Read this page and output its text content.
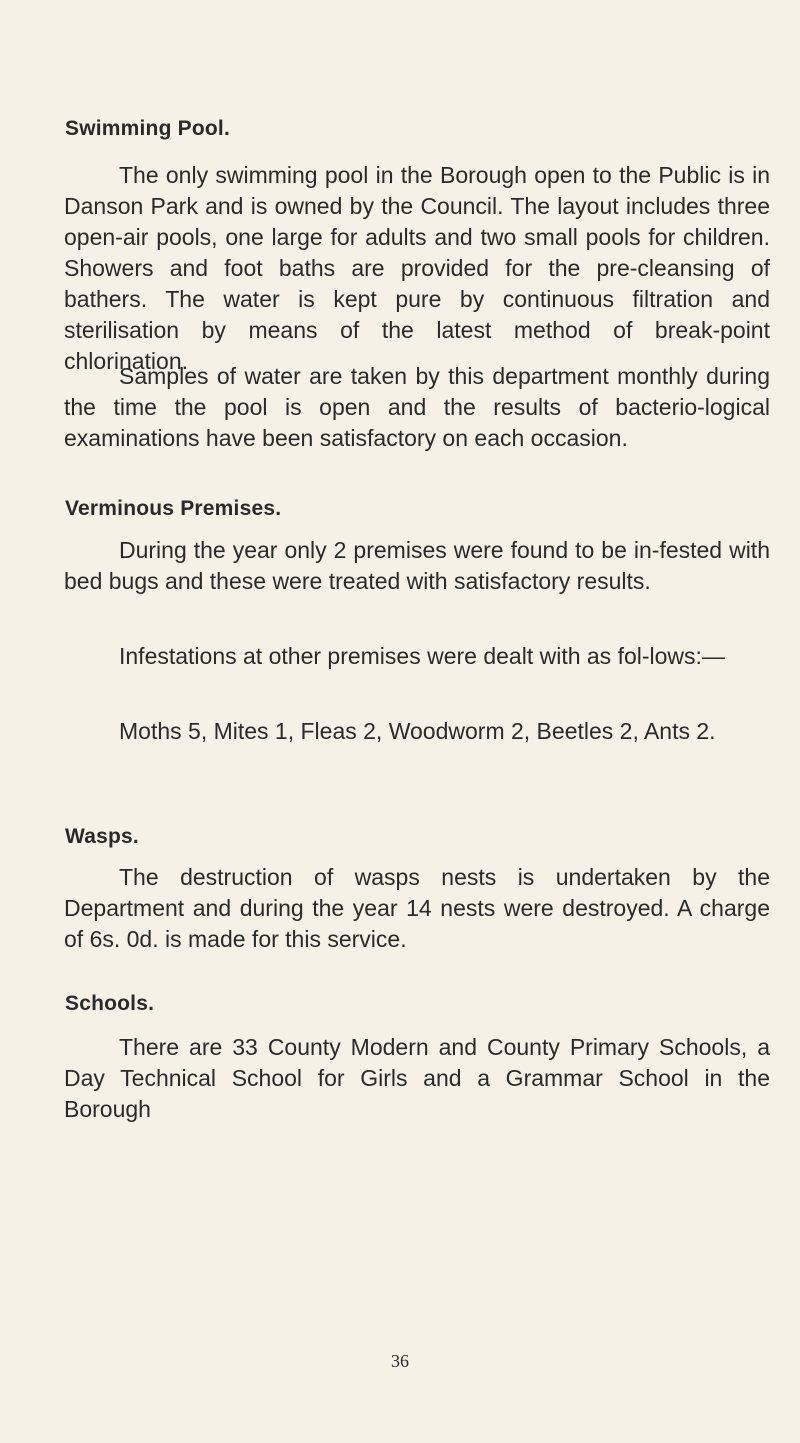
Swimming Pool.
The only swimming pool in the Borough open to the Public is in Danson Park and is owned by the Council. The layout includes three open-air pools, one large for adults and two small pools for children. Showers and foot baths are provided for the pre-cleansing of bathers. The water is kept pure by continuous filtration and sterilisation by means of the latest method of break-point chlorination.
Samples of water are taken by this department monthly during the time the pool is open and the results of bacterio-logical examinations have been satisfactory on each occasion.
Verminous Premises.
During the year only 2 premises were found to be in-fested with bed bugs and these were treated with satisfactory results.
Infestations at other premises were dealt with as fol-lows:—
Moths 5, Mites 1, Fleas 2, Woodworm 2, Beetles 2, Ants 2.
Wasps.
The destruction of wasps nests is undertaken by the Department and during the year 14 nests were destroyed. A charge of 6s. 0d. is made for this service.
Schools.
There are 33 County Modern and County Primary Schools, a Day Technical School for Girls and a Grammar School in the Borough
36
